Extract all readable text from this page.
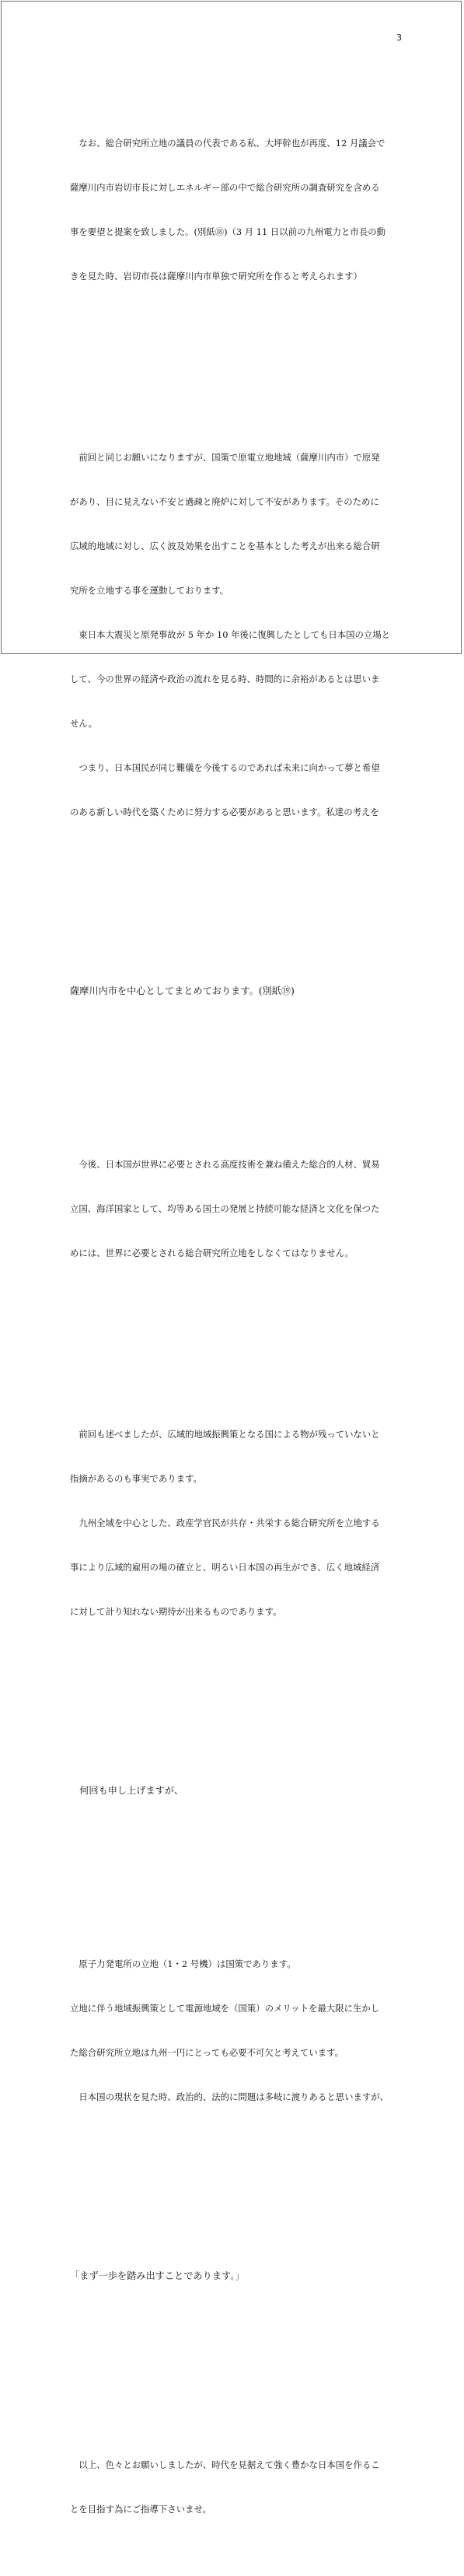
3

　なお、総合研究所立地の議員の代表である私、大坪幹也が再度、12 月議会で

薩摩川内市岩切市長に対しエネルギー部の中で総合研究所の調査研究を含める

事を要望と提案を致しました。(別紙⑱)（3 月 11 日以前の九州電力と市長の動

きを見た時、岩切市長は薩摩川内市単独で研究所を作ると考えられます）

　前回と同じお願いになりますが、国策で原電立地地域（薩摩川内市）で原発

があり、目に見えない不安と過疎と廃炉に対して不安があります。そのために

広域的地域に対し、広く波及効果を出すことを基本とした考えが出来る総合研

究所を立地する事を運動しております。

　東日本大震災と原発事故が 5 年か 10 年後に復興したとしても日本国の立場と

して、今の世界の経済や政治の流れを見る時、時間的に余裕があるとは思いま

せん。

　つまり、日本国民が同じ難儀を今後するのであれば未来に向かって夢と希望

のある新しい時代を築くために努力する必要があると思います。私達の考えを

薩摩川内市を中心としてまとめております。(別紙⑲)

　今後、日本国が世界に必要とされる高度技術を兼ね備えた総合的人材、貿易

立国、海洋国家として、均等ある国土の発展と持続可能な経済と文化を保つた

めには、世界に必要とされる総合研究所立地をしなくてはなりません。

　前回も述べましたが、広域的地域振興策となる国による物が残っていないと

指摘があるのも事実であります。

　九州全域を中心とした、政産学官民が共存・共栄する総合研究所を立地する

事により広域的雇用の場の確立と、明るい日本国の再生ができ、広く地域経済

に対して計り知れない期待が出来るものであります。

　何回も申し上げますが、

　原子力発電所の立地（1・2 号機）は国策であります。

立地に伴う地域振興策として電源地域を（国策）のメリットを最大限に生かし

た総合研究所立地は九州一円にとっても必要不可欠と考えています。

　日本国の現状を見た時、政治的、法的に問題は多岐に渡りあると思いますが、

「まず一歩を踏み出すことであります。」

　以上、色々とお願いしましたが、時代を見据えて強く豊かな日本国を作るこ

とを目指す為にご指導下さいませ。
